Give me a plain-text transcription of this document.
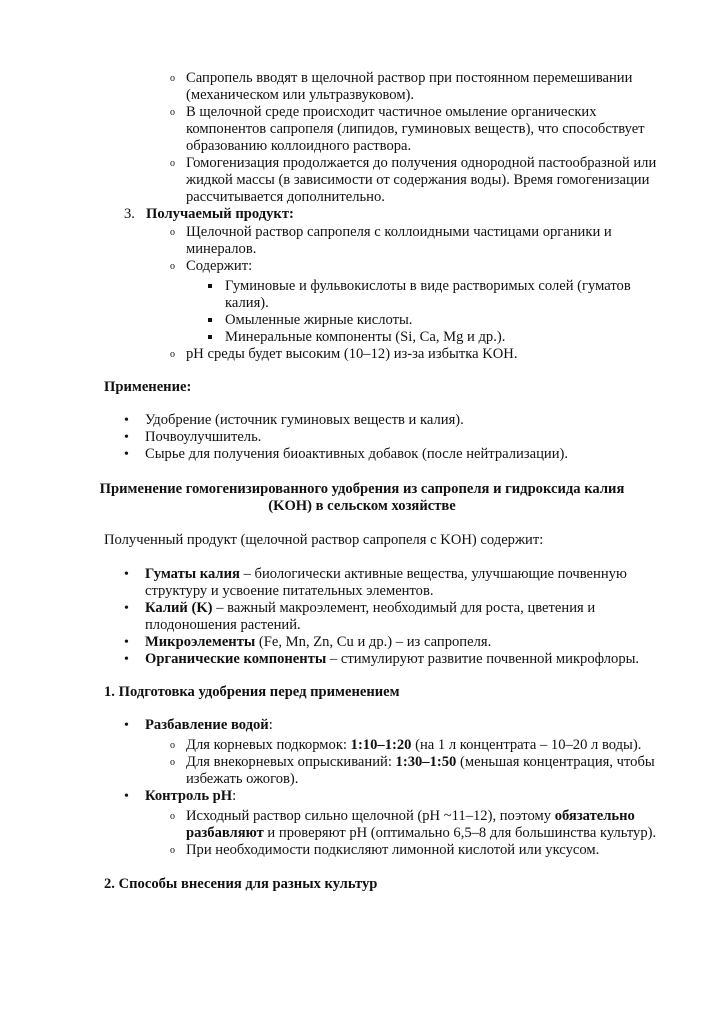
Сапропель вводят в щелочной раствор при постоянном перемешивании
o
(механическом или ультразвуковом).
В щелочной среде происходит частичное омыление органических
o
компонентов сапропеля (липидов, гуминовых веществ), что способствует
образованию коллоидного раствора.
Гомогенизация продолжается до получения однородной пастообразной или
o
жидкой массы (в зависимости от содержания воды). Время гомогенизации
рассчитывается дополнительно.
Получаемый продукт:
3.
Щелочной раствор сапропеля с коллоидными частицами органики и
o
минералов.
Содержит:
o
Гуминовые и фульвокислоты в виде растворимых солей (гуматов
калия).
Омыленные жирные кислоты.
Минеральные компоненты (Si, Ca, Mg и др.).
pH среды будет высоким (10–12) из-за избытка KOH.
o
Применение:
Удобрение (источник гуминовых веществ и калия).
•
Почвоулучшитель.
•
Сырье для получения биоактивных добавок (после нейтрализации).
•
Применение гомогенизированного удобрения из сапропеля и гидроксида калия
(KOH) в сельском хозяйстве
Полученный продукт (щелочной раствор сапропеля с KOH) содержит:
Гуматы калия – биологически активные вещества, улучшающие почвенную
•
структуру и усвоение питательных элементов.
Калий (K) – важный макроэлемент, необходимый для роста, цветения и
•
плодоношения растений.
Микроэлементы (Fe, Mn, Zn, Cu и др.) – из сапропеля.
•
Органические компоненты – стимулируют развитие почвенной микрофлоры.
•
1. Подготовка удобрения перед применением
Разбавление водой:
•
Для корневых подкормок: 1:10–1:20 (на 1 л концентрата – 10–20 л воды).
o
Для внекорневых опрыскиваний: 1:30–1:50 (меньшая концентрация, чтобы
o
избежать ожогов).
Контроль pH:
•
Исходный раствор сильно щелочной (pH ~11–12), поэтому обязательно
o
разбавляют и проверяют pH (оптимально 6,5–8 для большинства культур).
При необходимости подкисляют лимонной кислотой или уксусом.
o
2. Способы внесения для разных культур
